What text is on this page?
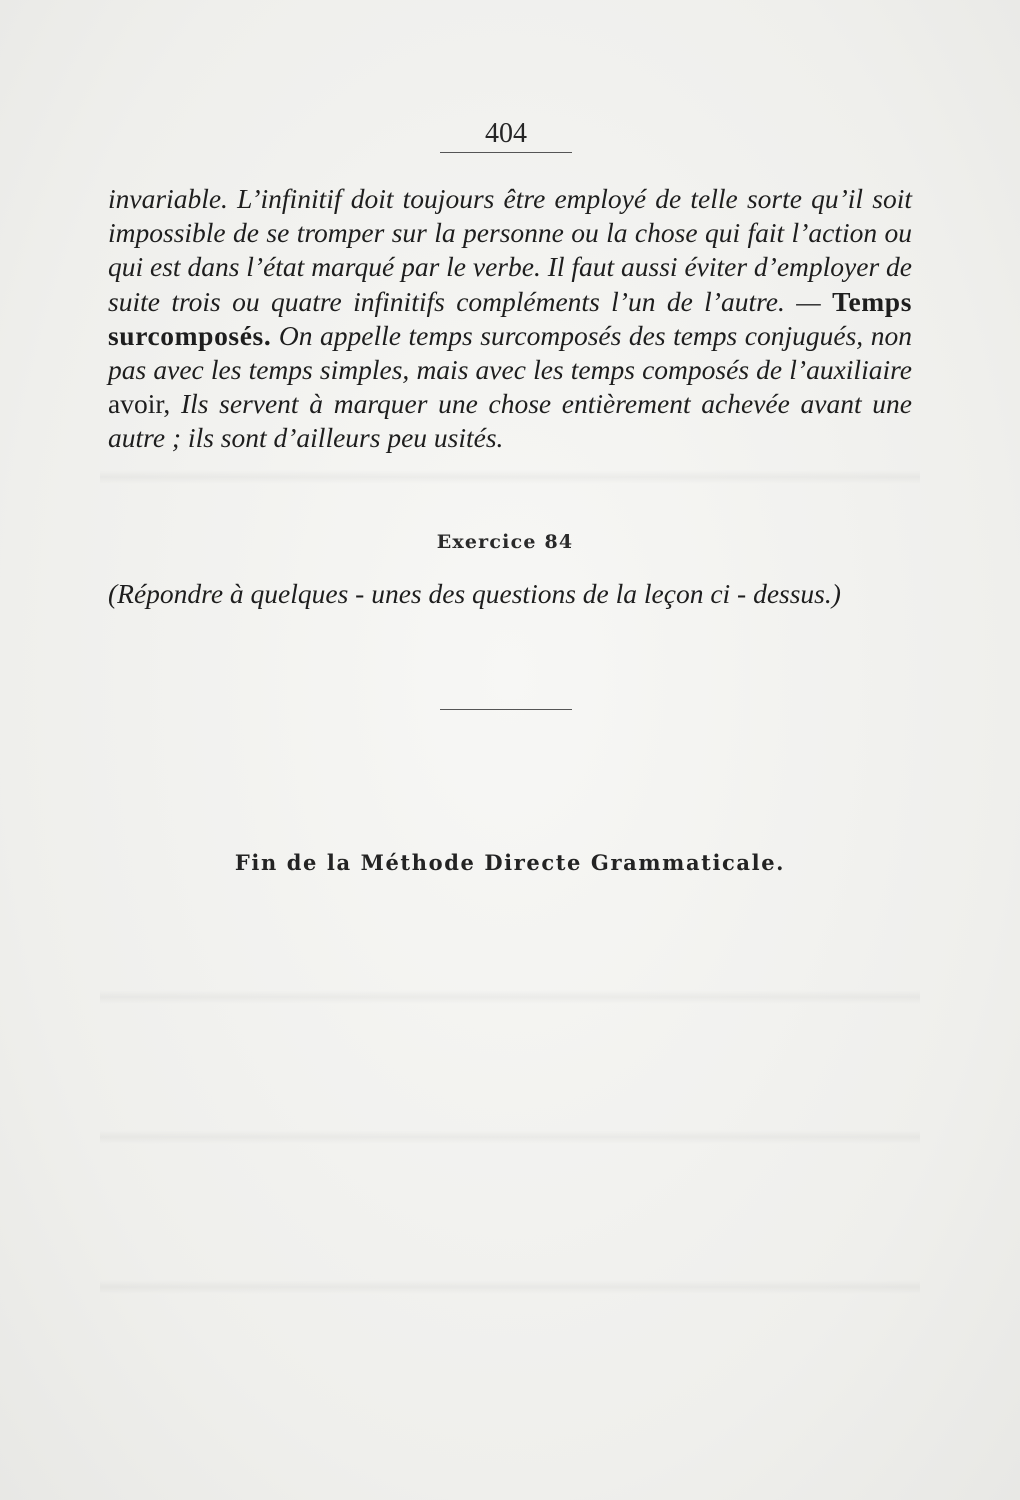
404
invariable. L’infinitif doit toujours être employé de telle sorte qu’il soit impossible de se tromper sur la personne ou la chose qui fait l’action ou qui est dans l’état marqué par le verbe. Il faut aussi éviter d’employer de suite trois ou quatre infinitifs compléments l’un de l’autre. — Temps surcomposés. On appelle temps surcomposés des temps conjugués, non pas avec les temps simples, mais avec les temps composés de l’auxiliaire avoir, Ils servent à marquer une chose entièrement achevée avant une autre ; ils sont d’ailleurs peu usités.
Exercice 84
(Répondre à quelques - unes des questions de la leçon ci - dessus.)
Fin de la Méthode Directe Grammaticale.
